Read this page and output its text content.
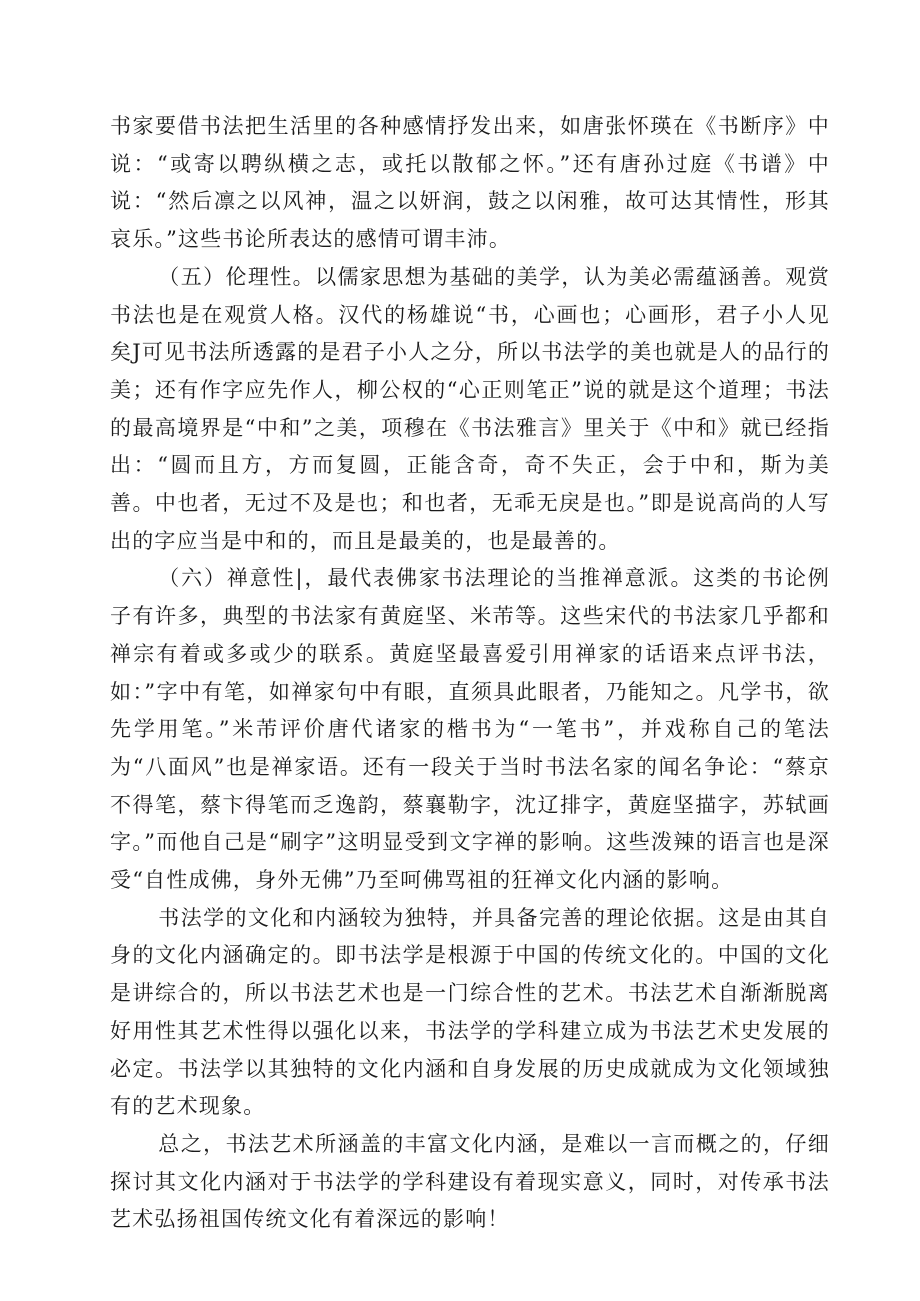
书家要借书法把生活里的各种感情抒发出来，如唐张怀瑛在《书断序》中说：“或寄以聘纵横之志，或托以散郁之怀。”还有唐孙过庭《书谱》中说：“然后凛之以风神，温之以妍润，鼓之以闲雅，故可达其情性，形其哀乐。”这些书论所表达的感情可谓丰沛。

（五）伦理性。以儒家思想为基础的美学，认为美必需蕴涵善。观赏书法也是在观赏人格。汉代的杨雄说“书，心画也；心画形，君子小人见矣J可见书法所透露的是君子小人之分，所以书法学的美也就是人的品行的美；还有作字应先作人，柳公权的“心正则笔正”说的就是这个道理；书法的最高境界是“中和”之美，项穆在《书法雅言》里关于《中和》就已经指出：“圆而且方，方而复圆，正能含奇，奇不失正，会于中和，斯为美善。中也者，无过不及是也；和也者，无乖无戾是也。”即是说高尚的人写出的字应当是中和的，而且是最美的，也是最善的。

（六）禅意性|，最代表佛家书法理论的当推禅意派。这类的书论例子有许多，典型的书法家有黄庭坚、米芾等。这些宋代的书法家几乎都和禅宗有着或多或少的联系。黄庭坚最喜爱引用禅家的话语来点评书法，如：”字中有笔，如禅家句中有眼，直须具此眼者，乃能知之。凡学书，欲先学用笔。”米芾评价唐代诸家的楷书为“一笔书”，并戏称自己的笔法为“八面风”也是禅家语。还有一段关于当时书法名家的闻名争论：“蔡京不得笔，蔡卞得笔而乏逸韵，蔡襄勒字，沈辽排字，黄庭坚描字，苏轼画字。”而他自己是“刷字”这明显受到文字禅的影响。这些泼辣的语言也是深受“自性成佛，身外无佛”乃至呵佛骂祖的狂禅文化内涵的影响。

书法学的文化和内涵较为独特，并具备完善的理论依据。这是由其自身的文化内涵确定的。即书法学是根源于中国的传统文化的。中国的文化是讲综合的，所以书法艺术也是一门综合性的艺术。书法艺术自渐渐脱离好用性其艺术性得以强化以来，书法学的学科建立成为书法艺术史发展的必定。书法学以其独特的文化内涵和自身发展的历史成就成为文化领域独有的艺术现象。

总之，书法艺术所涵盖的丰富文化内涵，是难以一言而概之的，仔细探讨其文化内涵对于书法学的学科建设有着现实意义，同时，对传承书法艺术弘扬祖国传统文化有着深远的影响！
